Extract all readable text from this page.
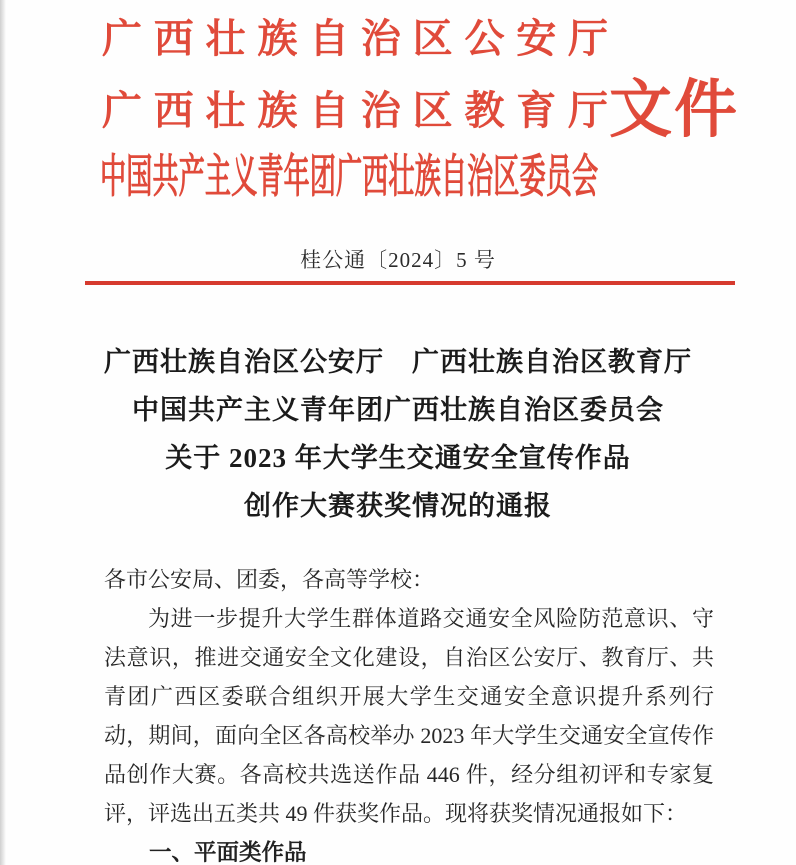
广西壮族自治区公安厅
广西壮族自治区教育厅 文件
中国共产主义青年团广西壮族自治区委员会
桂公通〔2024〕5 号
广西壮族自治区公安厅　广西壮族自治区教育厅
中国共产主义青年团广西壮族自治区委员会
关于 2023 年大学生交通安全宣传作品
创作大赛获奖情况的通报

各市公安局、团委，各高等学校：

为进一步提升大学生群体道路交通安全风险防范意识、守法意识，推进交通安全文化建设，自治区公安厅、教育厅、共青团广西区委联合组织开展大学生交通安全意识提升系列行动，期间，面向全区各高校举办 2023 年大学生交通安全宣传作品创作大赛。各高校共选送作品 446 件，经分组初评和专家复评，评选出五类共 49 件获奖作品。现将获奖情况通报如下：

一、平面类作品
